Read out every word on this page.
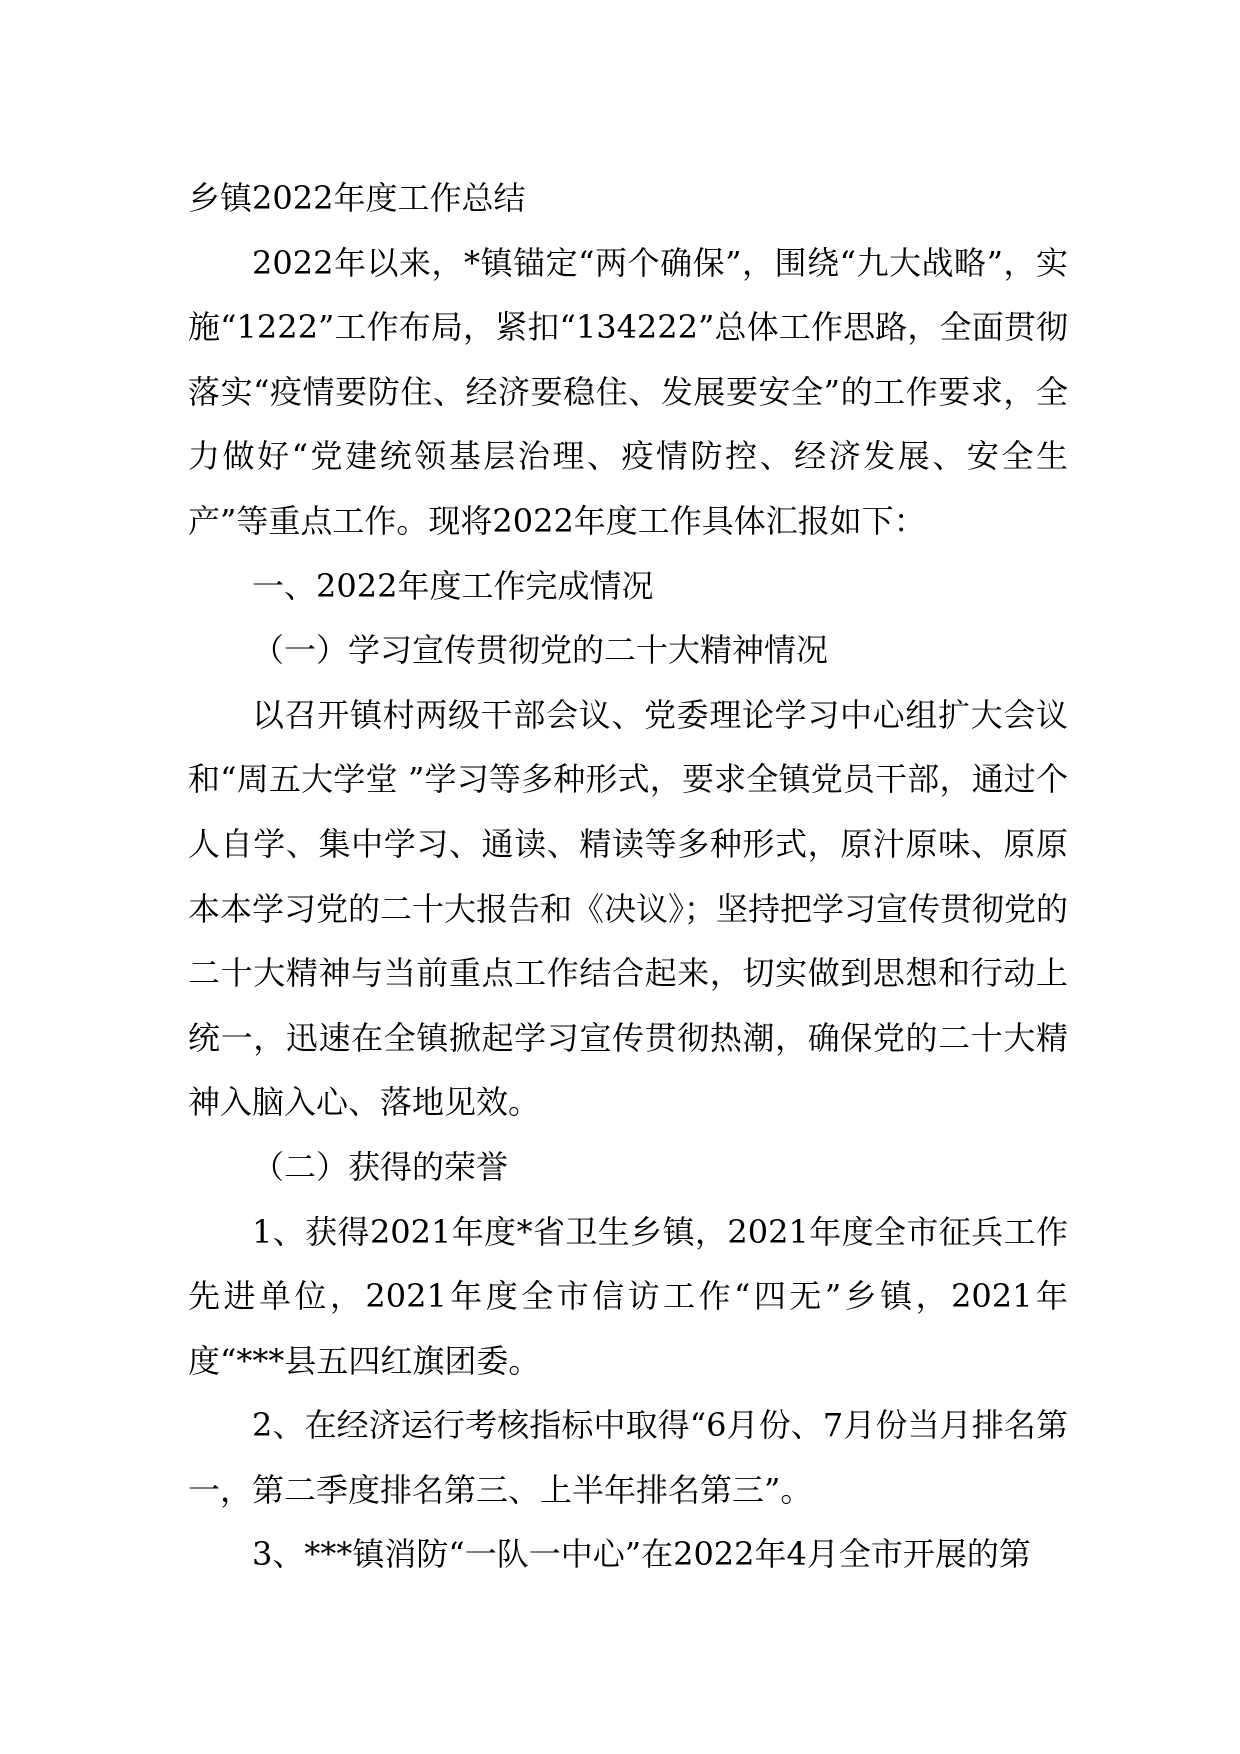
乡镇2022年度工作总结

2022年以来，*镇锚定“两个确保”，围绕“九大战略”，实施“1222”工作布局，紧扣“134222”总体工作思路，全面贯彻落实“疫情要防住、经济要稳住、发展要安全”的工作要求，全力做好“党建统领基层治理、疫情防控、经济发展、安全生产”等重点工作。现将2022年度工作具体汇报如下：

一、2022年度工作完成情况

（一）学习宣传贯彻党的二十大精神情况

以召开镇村两级干部会议、党委理论学习中心组扩大会议和“周五大学堂 ”学习等多种形式，要求全镇党员干部，通过个人自学、集中学习、通读、精读等多种形式，原汁原味、原原本本学习党的二十大报告和《决议》；坚持把学习宣传贯彻党的二十大精神与当前重点工作结合起来，切实做到思想和行动上统一，迅速在全镇掀起学习宣传贯彻热潮，确保党的二十大精神入脑入心、落地见效。

（二）获得的荣誉

1、获得2021年度*省卫生乡镇，2021年度全市征兵工作先进单位，2021年度全市信访工作“四无”乡镇，2021年度“***县五四红旗团委。

2、在经济运行考核指标中取得“6月份、7月份当月排名第一，第二季度排名第三、上半年排名第三”。

3、***镇消防“一队一中心”在2022年4月全市开展的第
